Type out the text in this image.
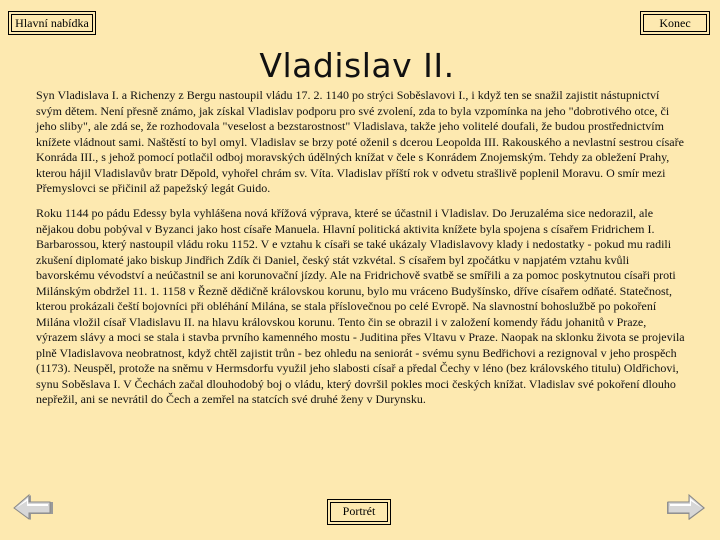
Hlavní nabídka	Konec
Vladislav II.

Syn Vladislava I. a Richenzy z Bergu nastoupil vládu 17. 2. 1140 po strýci Soběslavovi I., i když ten se snažil zajistit nástupnictví svým dětem. Není přesně známo, jak získal Vladislav podporu pro své zvolení, zda to byla vzpomínka na jeho "dobrotivého otce, či jeho sliby", ale zdá se, že rozhodovala "veselost a bezstarostnost" Vladislava, takže jeho volitelé doufali, že budou prostřednictvím knížete vládnout sami. Naštěstí to byl omyl. Vladislav se brzy poté oženil s dcerou Leopolda III. Rakouského a nevlastní sestrou císaře Konráda III., s jehož pomocí potlačil odboj moravských údělných knížat v čele s Konrádem Znojemským. Tehdy za obležení Prahy, kterou hájil Vladislavův bratr Děpold, vyhořel chrám sv. Víta. Vladislav příští rok v odvetu strašlivě poplenil Moravu. O smír mezi Přemyslovci se přičinil až papežský legát Guido.

Roku 1144 po pádu Edessy byla vyhlášena nová křížová výprava, které se účastnil i Vladislav. Do Jeruzaléma sice nedorazil, ale nějakou dobu pobýval v Byzanci jako host císaře Manuela. Hlavní politická aktivita knížete byla spojena s císařem Fridrichem I. Barbarossou, který nastoupil vládu roku 1152. V e vztahu k císaři se také ukázaly Vladislavovy klady i nedostatky - pokud mu radili zkušení diplomaté jako biskup Jindřich Zdík či Daniel, český stát vzkvétal. S císařem byl zpočátku v napjatém vztahu kvůli bavorskému vévodství a neúčastnil se ani korunovační jízdy. Ale na Fridrichově svatbě se smířili a za pomoc poskytnutou císaři proti Milánským obdržel 11. 1. 1158 v Řezně dědičně královskou korunu, bylo mu vráceno Budyšínsko, dříve císařem odňaté. Statečnost, kterou prokázali čeští bojovníci při obléhání Milána, se stala příslovečnou po celé Evropě. Na slavnostní bohoslužbě po pokoření Milána vložil císař Vladislavu II. na hlavu královskou korunu. Tento čin se obrazil i v založení komendy řádu johanitů v Praze, výrazem slávy a moci se stala i stavba prvního kamenného mostu - Juditina přes Vltavu v Praze. Naopak na sklonku života se projevila plně Vladislavova neobratnost, když chtěl zajistit trůn - bez ohledu na seniorát - svému synu Bedřichovi a rezignoval v jeho prospěch (1173). Neuspěl, protože na sněmu v Hermsdorfu využil jeho slabosti císař a předal Čechy v léno (bez královského titulu) Oldřichovi, synu Soběslava I. V Čechách začal dlouhodobý boj o vládu, který dovršil pokles moci českých knížat. Vladislav své pokoření dlouho nepřežil, ani se nevrátil do Čech a zemřel na statcích své druhé ženy v Durynsku.

Portrét
